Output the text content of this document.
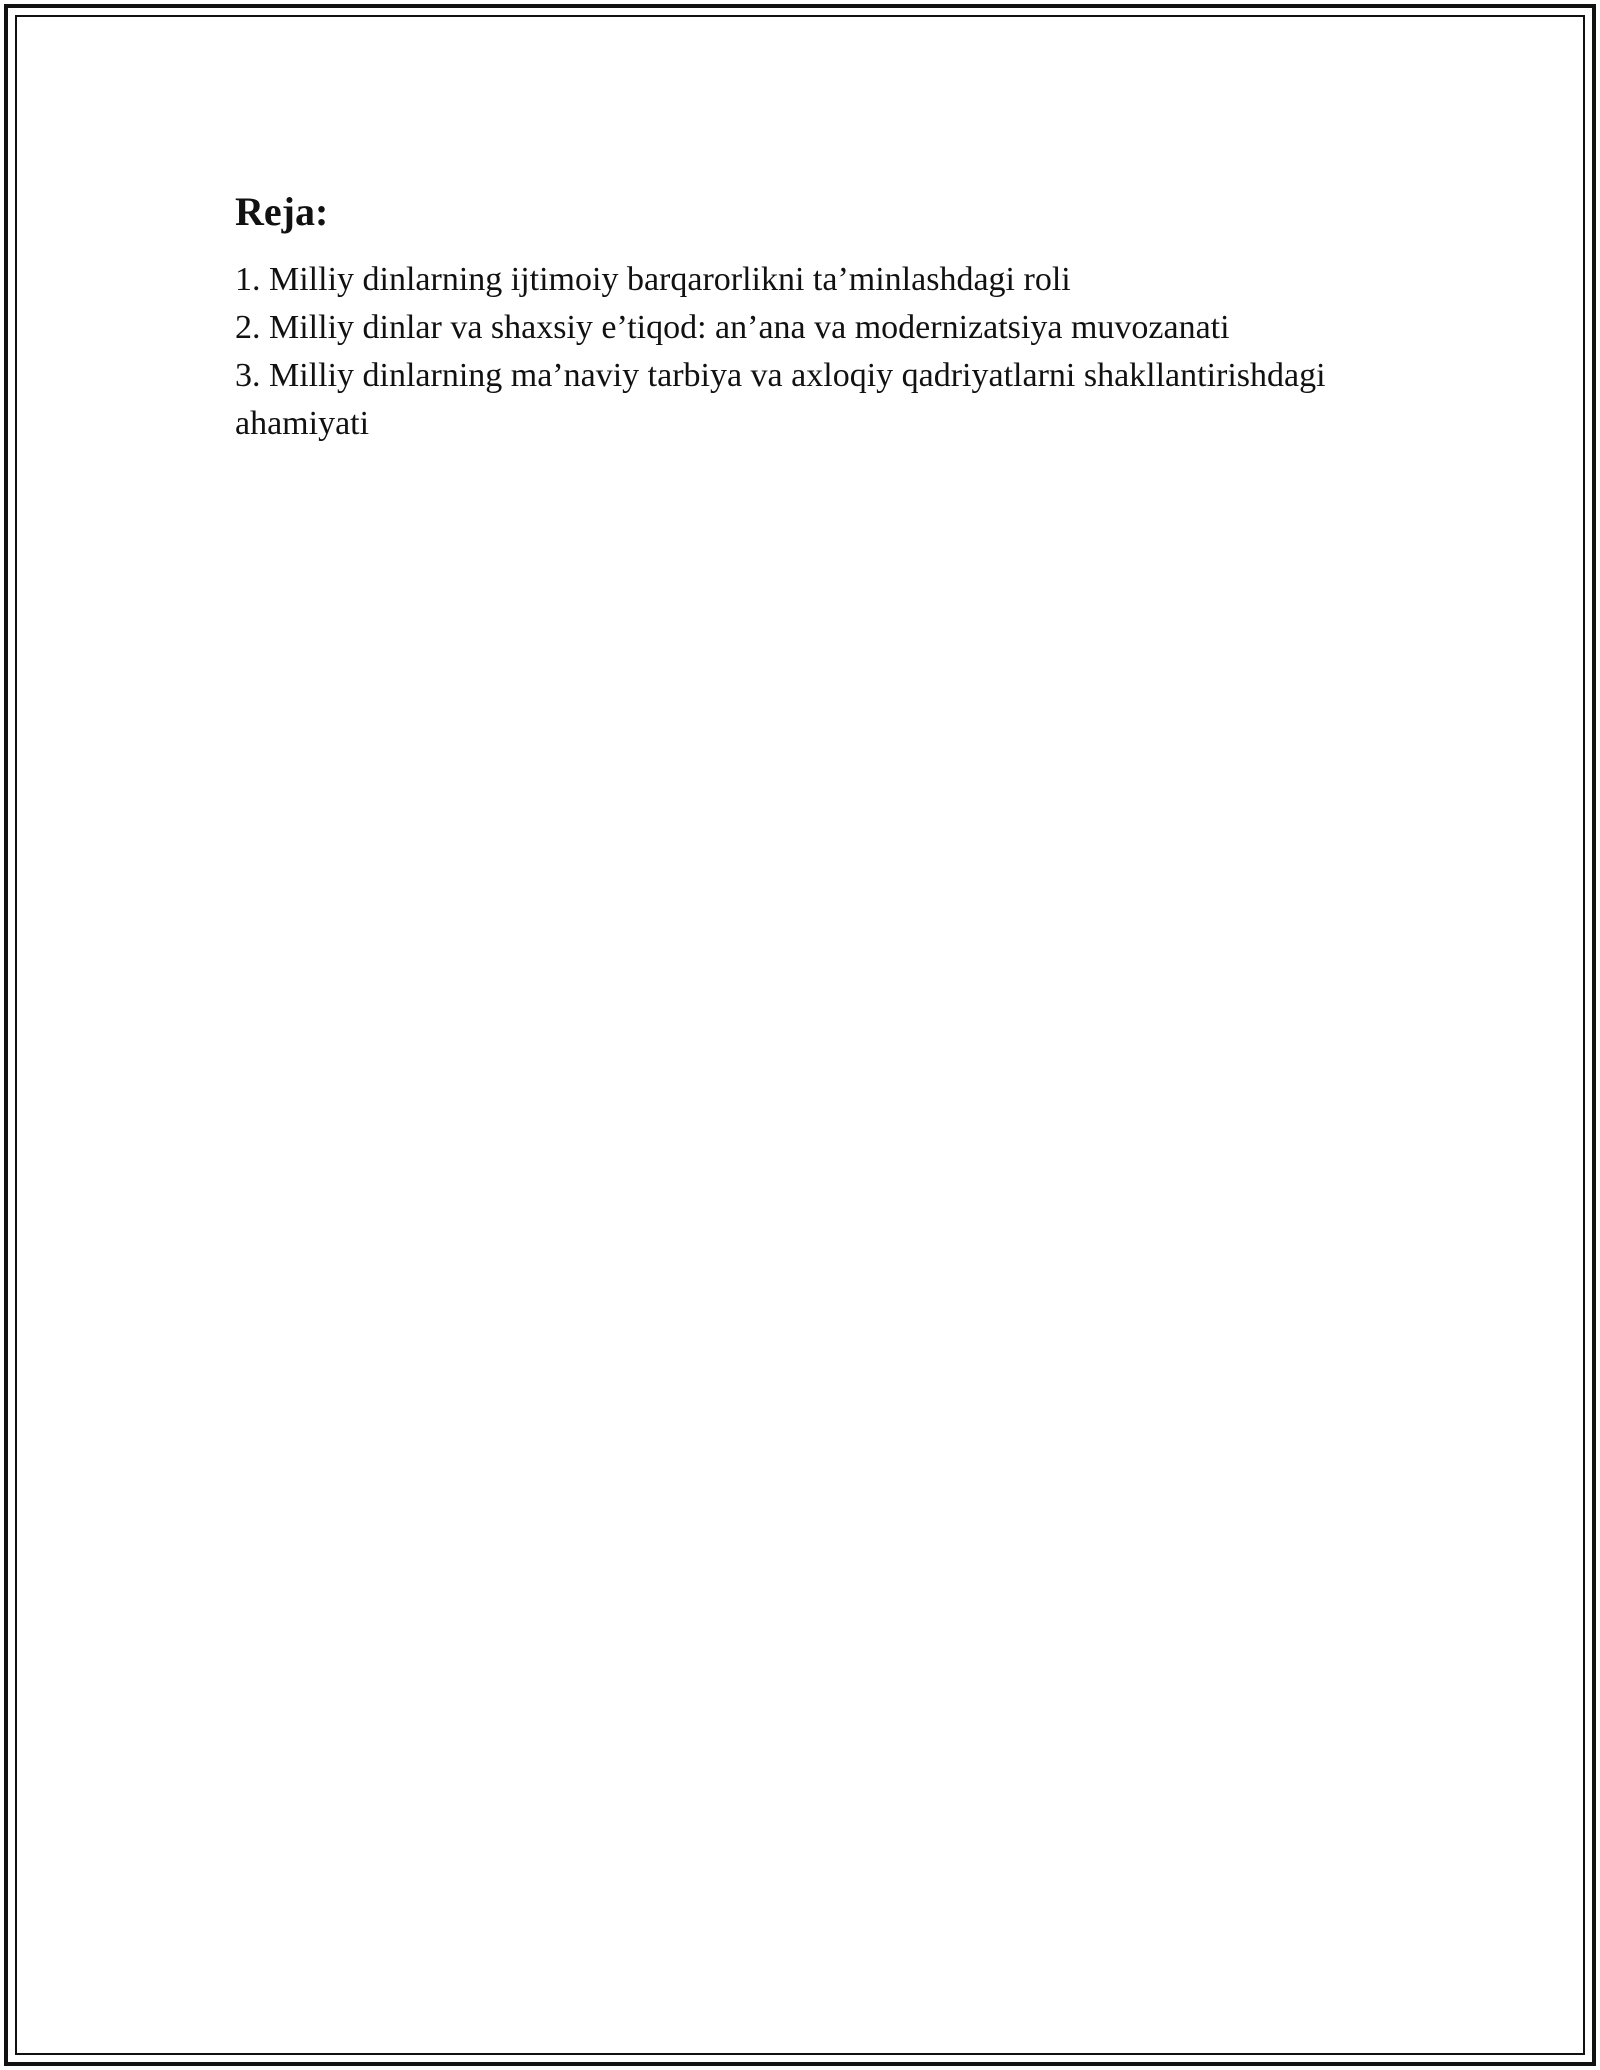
Reja:
1. Milliy dinlarning ijtimoiy barqarorlikni ta’minlashdagi roli
2. Milliy dinlar va shaxsiy e’tiqod: an’ana va modernizatsiya muvozanati
3. Milliy dinlarning ma’naviy tarbiya va axloqiy qadriyatlarni shakllantirishdagi ahamiyati
